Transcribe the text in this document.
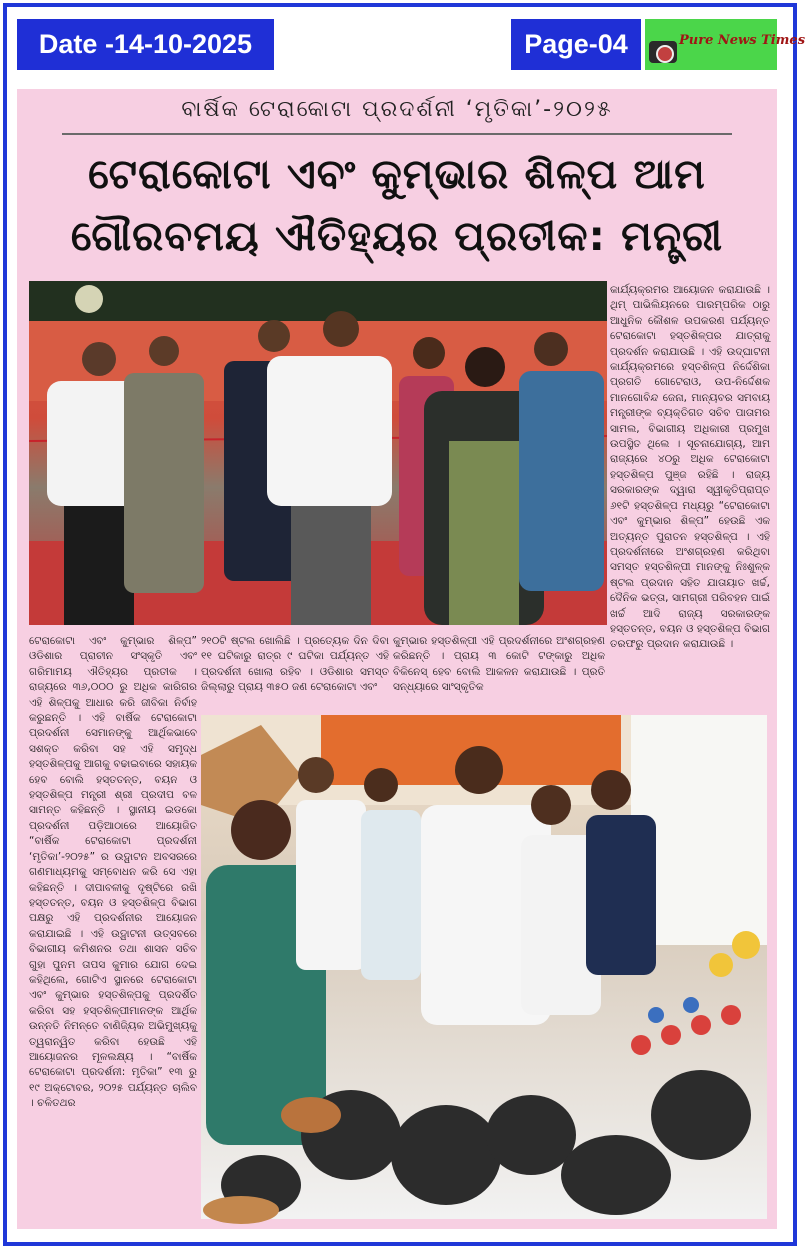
Date -14-10-2025	Page-04	Pure News Times
ବାର୍ଷିକ ଟେରାକୋଟା ପ୍ରଦର୍ଶନୀ ‘ମୃତିକା’-୨୦୨୫
ଟେରାକୋଟା ଏବଂ କୁମ୍ଭାର ଶିଳ୍ପ ଆମ
ଗୌରବମୟ ଐତିହ୍ୟର ପ୍ରତୀକ: ମନ୍ତ୍ରୀ
କାର୍ଯ୍ୟକ୍ରମର ଆୟୋଜନ କରାଯାଉଛି । ଥିମ୍ ପାଭିଲିୟନରେ ପାରମ୍ପରିକ ଠାରୁ ଆଧୁନିକ କୌଶଳ ଉପକରଣ ପର୍ଯ୍ୟନ୍ତ ଟେରାକୋଟା ହସ୍ତଶିଳ୍ପର ଯାତ୍ରାକୁ ପ୍ରଦର୍ଶନ କରାଯାଉଛି । ଏହି ଉଦ୍‌ଘାଟନୀ କାର୍ଯ୍ୟକ୍ରମରେ ହସ୍ତଶିଳ୍ପ ନିର୍ଦ୍ଦେଶିକା ପ୍ରଗତି ଗୋଟେରାଓ, ଉପ-ନିର୍ଦ୍ଦେଶକ ମାନଗୋବିନ୍ଦ ଜେନା, ମାନ୍ୟବର ସମବାୟ ମନ୍ତ୍ରୀଙ୍କ ବ୍ୟକ୍ତିଗତ ସଚିବ ପାତାମର ସାମଲ, ବିଭାଗୀୟ ଅଧିକାରୀ ପ୍ରମୁଖ ଉପସ୍ଥିତ ଥିଲେ । ସୂଚନାଯୋଗ୍ୟ, ଆମ ରାଜ୍ୟରେ ୪୦ରୁ ଅଧିକ ଟେରାକୋଟା ହସ୍ତଶିଳ୍ପ ପୁଞ୍ଜ ରହିଛି । ରାଜ୍ୟ ସରକାରଙ୍କ ଦ୍ୱାରା ସ୍ୱୀକୃତିପ୍ରାପ୍ତ ୬୧ଟି ହସ୍ତଶିଳ୍ପ ମଧ୍ୟରୁ “ଟେରାକୋଟା ଏବଂ କୁମ୍ଭାର ଶିଳ୍ପ” ହେଉଛି ଏକ ଅତ୍ୟନ୍ତ ପୁରାତନ ହସ୍ତଶିଳ୍ପ । ଏହି ପ୍ରଦର୍ଶନୀରେ ଅଂଶଗ୍ରହଣ କରିଥିବା ସମସ୍ତ ହସ୍ତଶିଳ୍ପୀ ମାନଙ୍କୁ ନିଃଶୁଳ୍କ ଷ୍ଟଲ ପ୍ରଦାନ ସହିତ ଯାତାୟାତ ଖର୍ଚ୍ଚ, ଦୈନିକ ଭତ୍ତା, ସାମଗ୍ରୀ ପରିବହନ ପାଇଁ ଖର୍ଚ୍ଚ ଆଦି ରାଜ୍ୟ ସରକାରଙ୍କ ହସ୍ତତନ୍ତ, ବୟନ ଓ ହସ୍ତଶିଳ୍ପ ବିଭାଗ ତରଫରୁ ପ୍ରଦାନ କରାଯାଉଛି ।
ଟେରାକୋଟା ଏବଂ କୁମ୍ଭାର ଶିଳ୍ପ” ଓଡିଶାର ପ୍ରାଚୀନ ସଂସ୍କୃତି ଏବଂ ଗରିମାମୟ ଐତିହ୍ୟର ପ୍ରତୀକ । ରାଜ୍ୟରେ ୩୬,୦୦୦ ରୁ ଅଧିକ କାରିଗର ଏହି ଶିଳ୍ପକୁ ଆଧାର କରି ଜୀବିକା ନିର୍ବାହ କରୁଛନ୍ତି । ଏହି ବାର୍ଷିକ ଟେରାକୋଟା ପ୍ରଦର୍ଶନୀ ସେମାନଙ୍କୁ ଆର୍ଥିକଭାବେ ସଶକ୍ତ କରିବା ସହ ଏହି ସମୃଦ୍ଧ ହସ୍ତଶିଳ୍ପକୁ ଆଗକୁ ବଢାଇବାରେ ସହାୟକ ହେବ ବୋଲି ହସ୍ତତନ୍ତ, ବୟନ ଓ ହସ୍ତଶିଳ୍ପ ମନ୍ତ୍ରୀ ଶ୍ରୀ ପ୍ରଦୀପ ବଳ ସାମନ୍ତ କହିଛନ୍ତି । ସ୍ଥାନୀୟ ଇଡକୋ ପ୍ରଦର୍ଶନୀ ପଡ଼ିଆଠାରେ ଆୟୋଜିତ “ବାର୍ଷିକ ଟେରାକୋଟା ପ୍ରଦର୍ଶନୀ ‘ମୃତିକା’-୨୦୨୫” ର ଉଦ୍ଘାଟନ ଅବସରରେ ଗଣମାଧ୍ୟମକୁ ସମ୍ବୋଧନ କରି ସେ ଏହା କହିଛନ୍ତି । ଦୀପାବଳୀକୁ ଦୃଷ୍ଟିରେ ରଖି ହସ୍ତତନ୍ତ, ବୟନ ଓ ହସ୍ତଶିଳ୍ପ ବିଭାଗ ପକ୍ଷରୁ ଏହି ପ୍ରଦର୍ଶନୀର ଆୟୋଜନ କରାଯାଇଛି । ଏହି ଉଦ୍ଘାଟନୀ ଉତ୍ସବରେ ବିଭାଗୀୟ କମିଶନର ତଥା ଶାସନ ସଚିବ ଗୁହା ପୁନମ ତାପସ କୁମାର ଯୋଗ ଦେଇ କହିଥିଲେ, ଗୋଟିଏ ସ୍ଥାନରେ ଟେରାକୋଟା ଏବଂ କୁମ୍ଭାର ହସ୍ତଶିଳ୍ପକୁ ପ୍ରଦର୍ଶିତ କରିବା ସହ ହସ୍ତଶିଳ୍ପୀମାନଙ୍କ ଆର୍ଥିକ ଉନ୍ନତି ନିମନ୍ତେ ବାଣିଜ୍ୟିକ ଅଭିମୁଖ୍ୟକୁ ତ୍ୱରାନ୍ୱିତ କରିବା ହେଉଛି ଏହି ଆୟୋଜନର ମୂଳଲକ୍ଷ୍ୟ । “ବାର୍ଷିକ ଟେରାକୋଟା ପ୍ରଦର୍ଶନୀ: ମୃତିକା” ୧୩ ରୁ ୧୯ ଅକ୍ଟୋବର, ୨୦୨୫ ପର୍ଯ୍ୟନ୍ତ ଚାଲିବ । ଚଳିତଥର
୨୧୦ଟି ଷ୍ଟଲ ଖୋଲିଛି । ପ୍ରତ୍ୟେକ ଦିନ ଦିବା ୧୧ ଘଟିକାରୁ ରାତ୍ର ୯ ଘଟିକା ପର୍ଯ୍ୟନ୍ତ ଏହି ପ୍ରଦର୍ଶନୀ ଖୋଲା ରହିବ । ଓଡିଶାର ସମସ୍ତ ଜିଲ୍ଲାରୁ ପ୍ରାୟ ୩୫୦ ଜଣ ଟେରାକୋଟା ଏବଂ
କୁମ୍ଭାର ହସ୍ତଶିଳ୍ପୀ ଏହି ପ୍ରଦର୍ଶନୀରେ ଅଂଶଗ୍ରହଣ କରିଛନ୍ତି । ପ୍ରାୟ ୩ କୋଟି ଟଙ୍କାରୁ ଅଧିକ ବିକିନେସ୍ ହେବ ବୋଲି ଆକଳନ କରାଯାଉଛି । ପ୍ରତି ସନ୍ଧ୍ୟାରେ ସାଂସ୍କୃତିକ
